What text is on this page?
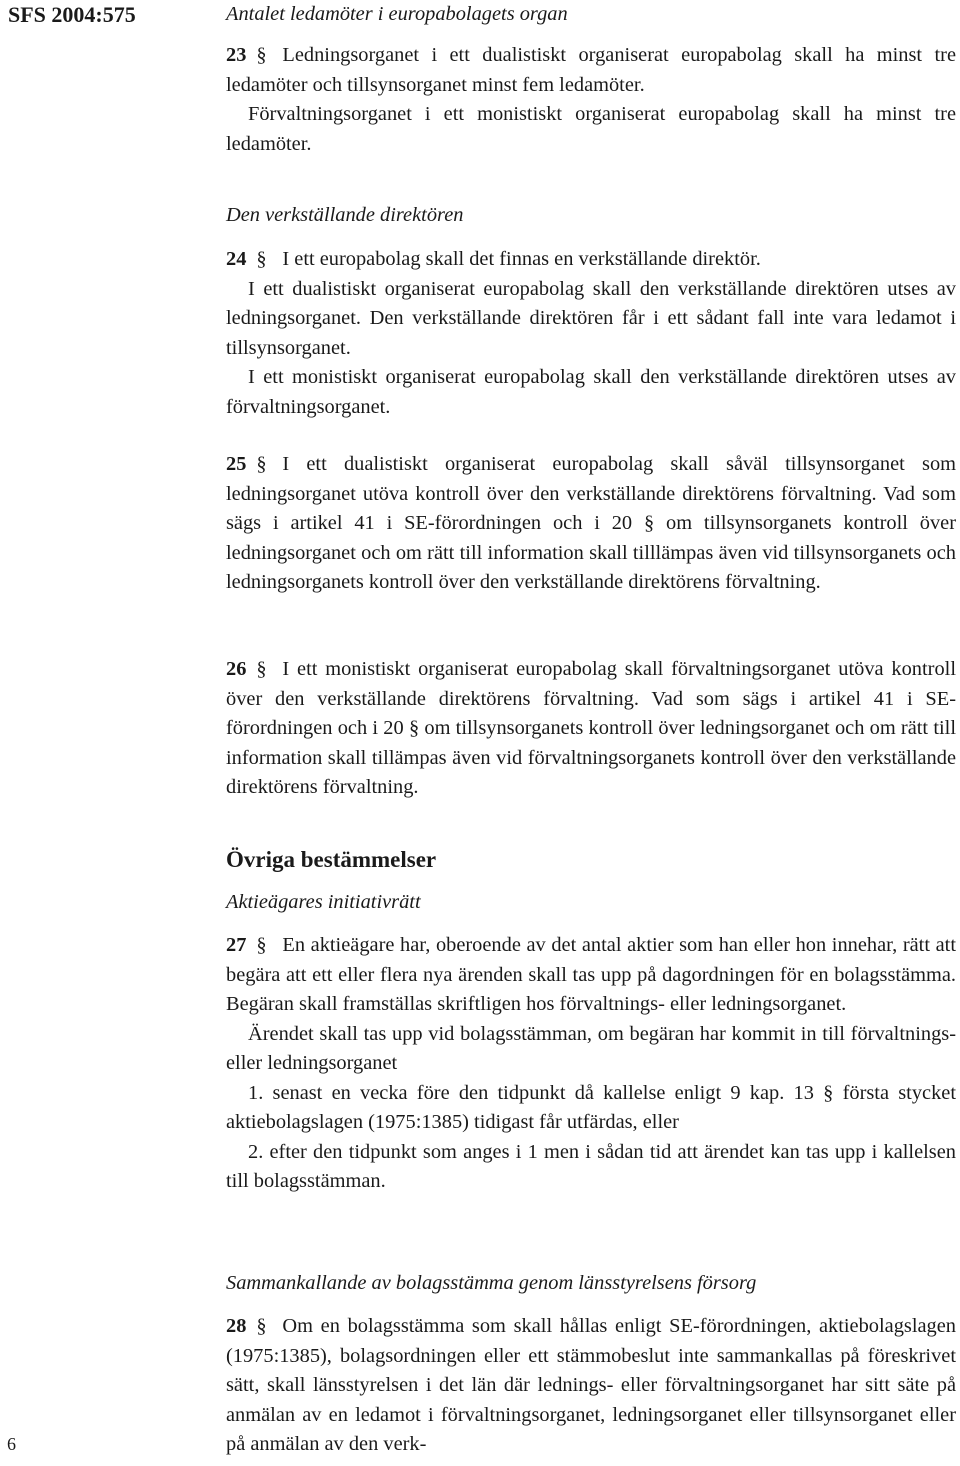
SFS 2004:575
6

Antalet ledamöter i europabolagets organ

23 § Ledningsorganet i ett dualistiskt organiserat europabolag skall ha minst tre ledamöter och tillsynsorganet minst fem ledamöter.

Förvaltningsorganet i ett monistiskt organiserat europabolag skall ha minst tre ledamöter.

Den verkställande direktören

24 § I ett europabolag skall det finnas en verkställande direktör.

I ett dualistiskt organiserat europabolag skall den verkställande direktören utses av ledningsorganet. Den verkställande direktören får i ett sådant fall inte vara ledamot i tillsynsorganet.

I ett monistiskt organiserat europabolag skall den verkställande direktören utses av förvaltningsorganet.

25 § I ett dualistiskt organiserat europabolag skall såväl tillsynsorganet som ledningsorganet utöva kontroll över den verkställande direktörens förvaltning. Vad som sägs i artikel 41 i SE-förordningen och i 20 § om tillsynsorganets kontroll över ledningsorganet och om rätt till information skall tilllämpas även vid tillsynsorganets och ledningsorganets kontroll över den verkställande direktörens förvaltning.

26 § I ett monistiskt organiserat europabolag skall förvaltningsorganet utöva kontroll över den verkställande direktörens förvaltning. Vad som sägs i artikel 41 i SE-förordningen och i 20 § om tillsynsorganets kontroll över ledningsorganet och om rätt till information skall tillämpas även vid förvaltningsorganets kontroll över den verkställande direktörens förvaltning.

Övriga bestämmelser

Aktieägares initiativrätt

27 § En aktieägare har, oberoende av det antal aktier som han eller hon innehar, rätt att begära att ett eller flera nya ärenden skall tas upp på dagordningen för en bolagsstämma. Begäran skall framställas skriftligen hos förvaltnings- eller ledningsorganet.

Ärendet skall tas upp vid bolagsstämman, om begäran har kommit in till förvaltnings- eller ledningsorganet

1. senast en vecka före den tidpunkt då kallelse enligt 9 kap. 13 § första stycket aktiebolagslagen (1975:1385) tidigast får utfärdas, eller

2. efter den tidpunkt som anges i 1 men i sådan tid att ärendet kan tas upp i kallelsen till bolagsstämman.

Sammankallande av bolagsstämma genom länsstyrelsens försorg

28 § Om en bolagsstämma som skall hållas enligt SE-förordningen, aktiebolagslagen (1975:1385), bolagsordningen eller ett stämmobeslut inte sammankallas på föreskrivet sätt, skall länsstyrelsen i det län där lednings- eller förvaltningsorganet har sitt säte på anmälan av en ledamot i förvaltningsorganet, ledningsorganet eller tillsynsorganet eller på anmälan av den verk-
